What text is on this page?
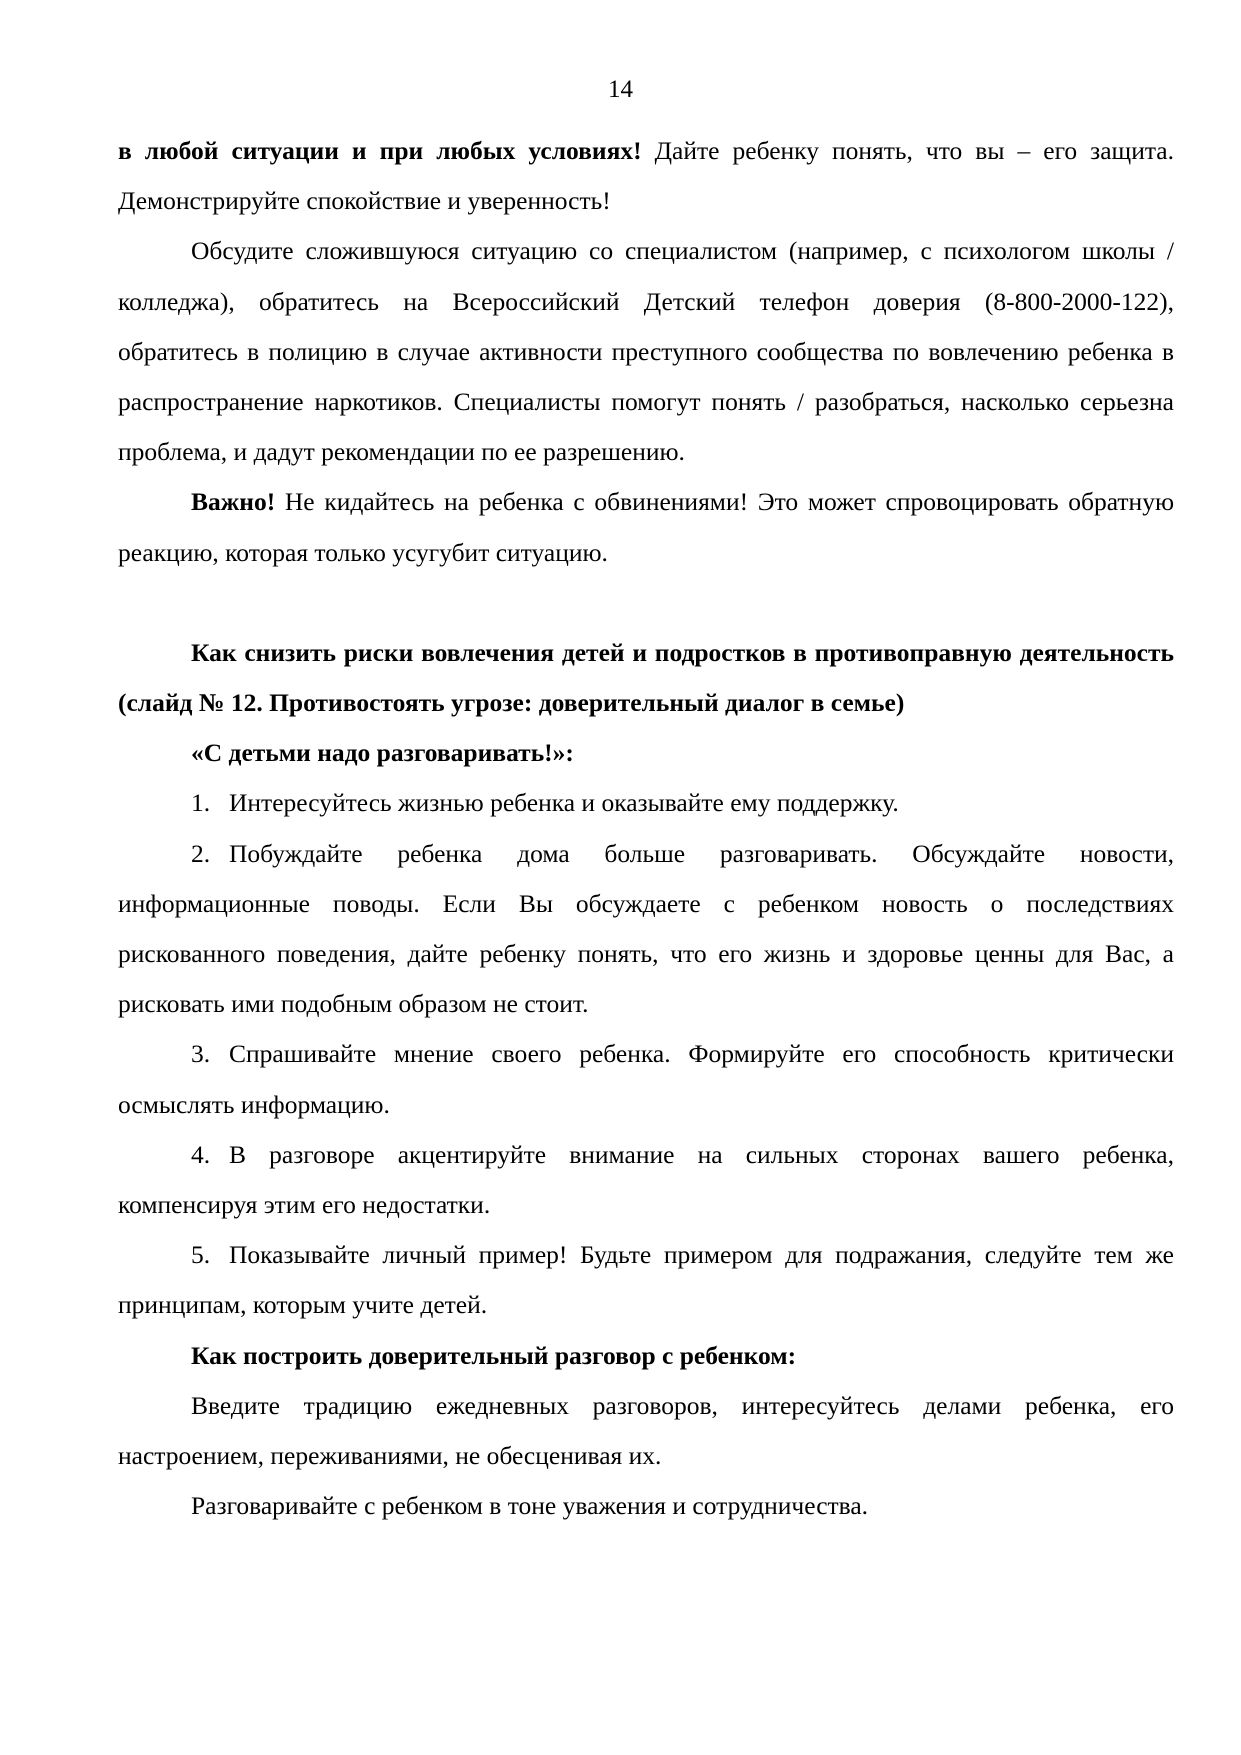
14

в любой ситуации и при любых условиях! Дайте ребенку понять, что вы – его защита. Демонстрируйте спокойствие и уверенность!

Обсудите сложившуюся ситуацию со специалистом (например, с психологом школы / колледжа), обратитесь на Всероссийский Детский телефон доверия (8-800-2000-122), обратитесь в полицию в случае активности преступного сообщества по вовлечению ребенка в распространение наркотиков. Специалисты помогут понять / разобраться, насколько серьезна проблема, и дадут рекомендации по ее разрешению.

Важно! Не кидайтесь на ребенка с обвинениями! Это может спровоцировать обратную реакцию, которая только усугубит ситуацию.

Как снизить риски вовлечения детей и подростков в противоправную деятельность (слайд № 12. Противостоять угрозе: доверительный диалог в семье)

«С детьми надо разговаривать!»:

1. Интересуйтесь жизнью ребенка и оказывайте ему поддержку.

2. Побуждайте ребенка дома больше разговаривать. Обсуждайте новости, информационные поводы. Если Вы обсуждаете с ребенком новость о последствиях рискованного поведения, дайте ребенку понять, что его жизнь и здоровье ценны для Вас, а рисковать ими подобным образом не стоит.

3. Спрашивайте мнение своего ребенка. Формируйте его способность критически осмыслять информацию.

4. В разговоре акцентируйте внимание на сильных сторонах вашего ребенка, компенсируя этим его недостатки.

5. Показывайте личный пример! Будьте примером для подражания, следуйте тем же принципам, которым учите детей.

Как построить доверительный разговор с ребенком:

Введите традицию ежедневных разговоров, интересуйтесь делами ребенка, его настроением, переживаниями, не обесценивая их.

Разговаривайте с ребенком в тоне уважения и сотрудничества.
